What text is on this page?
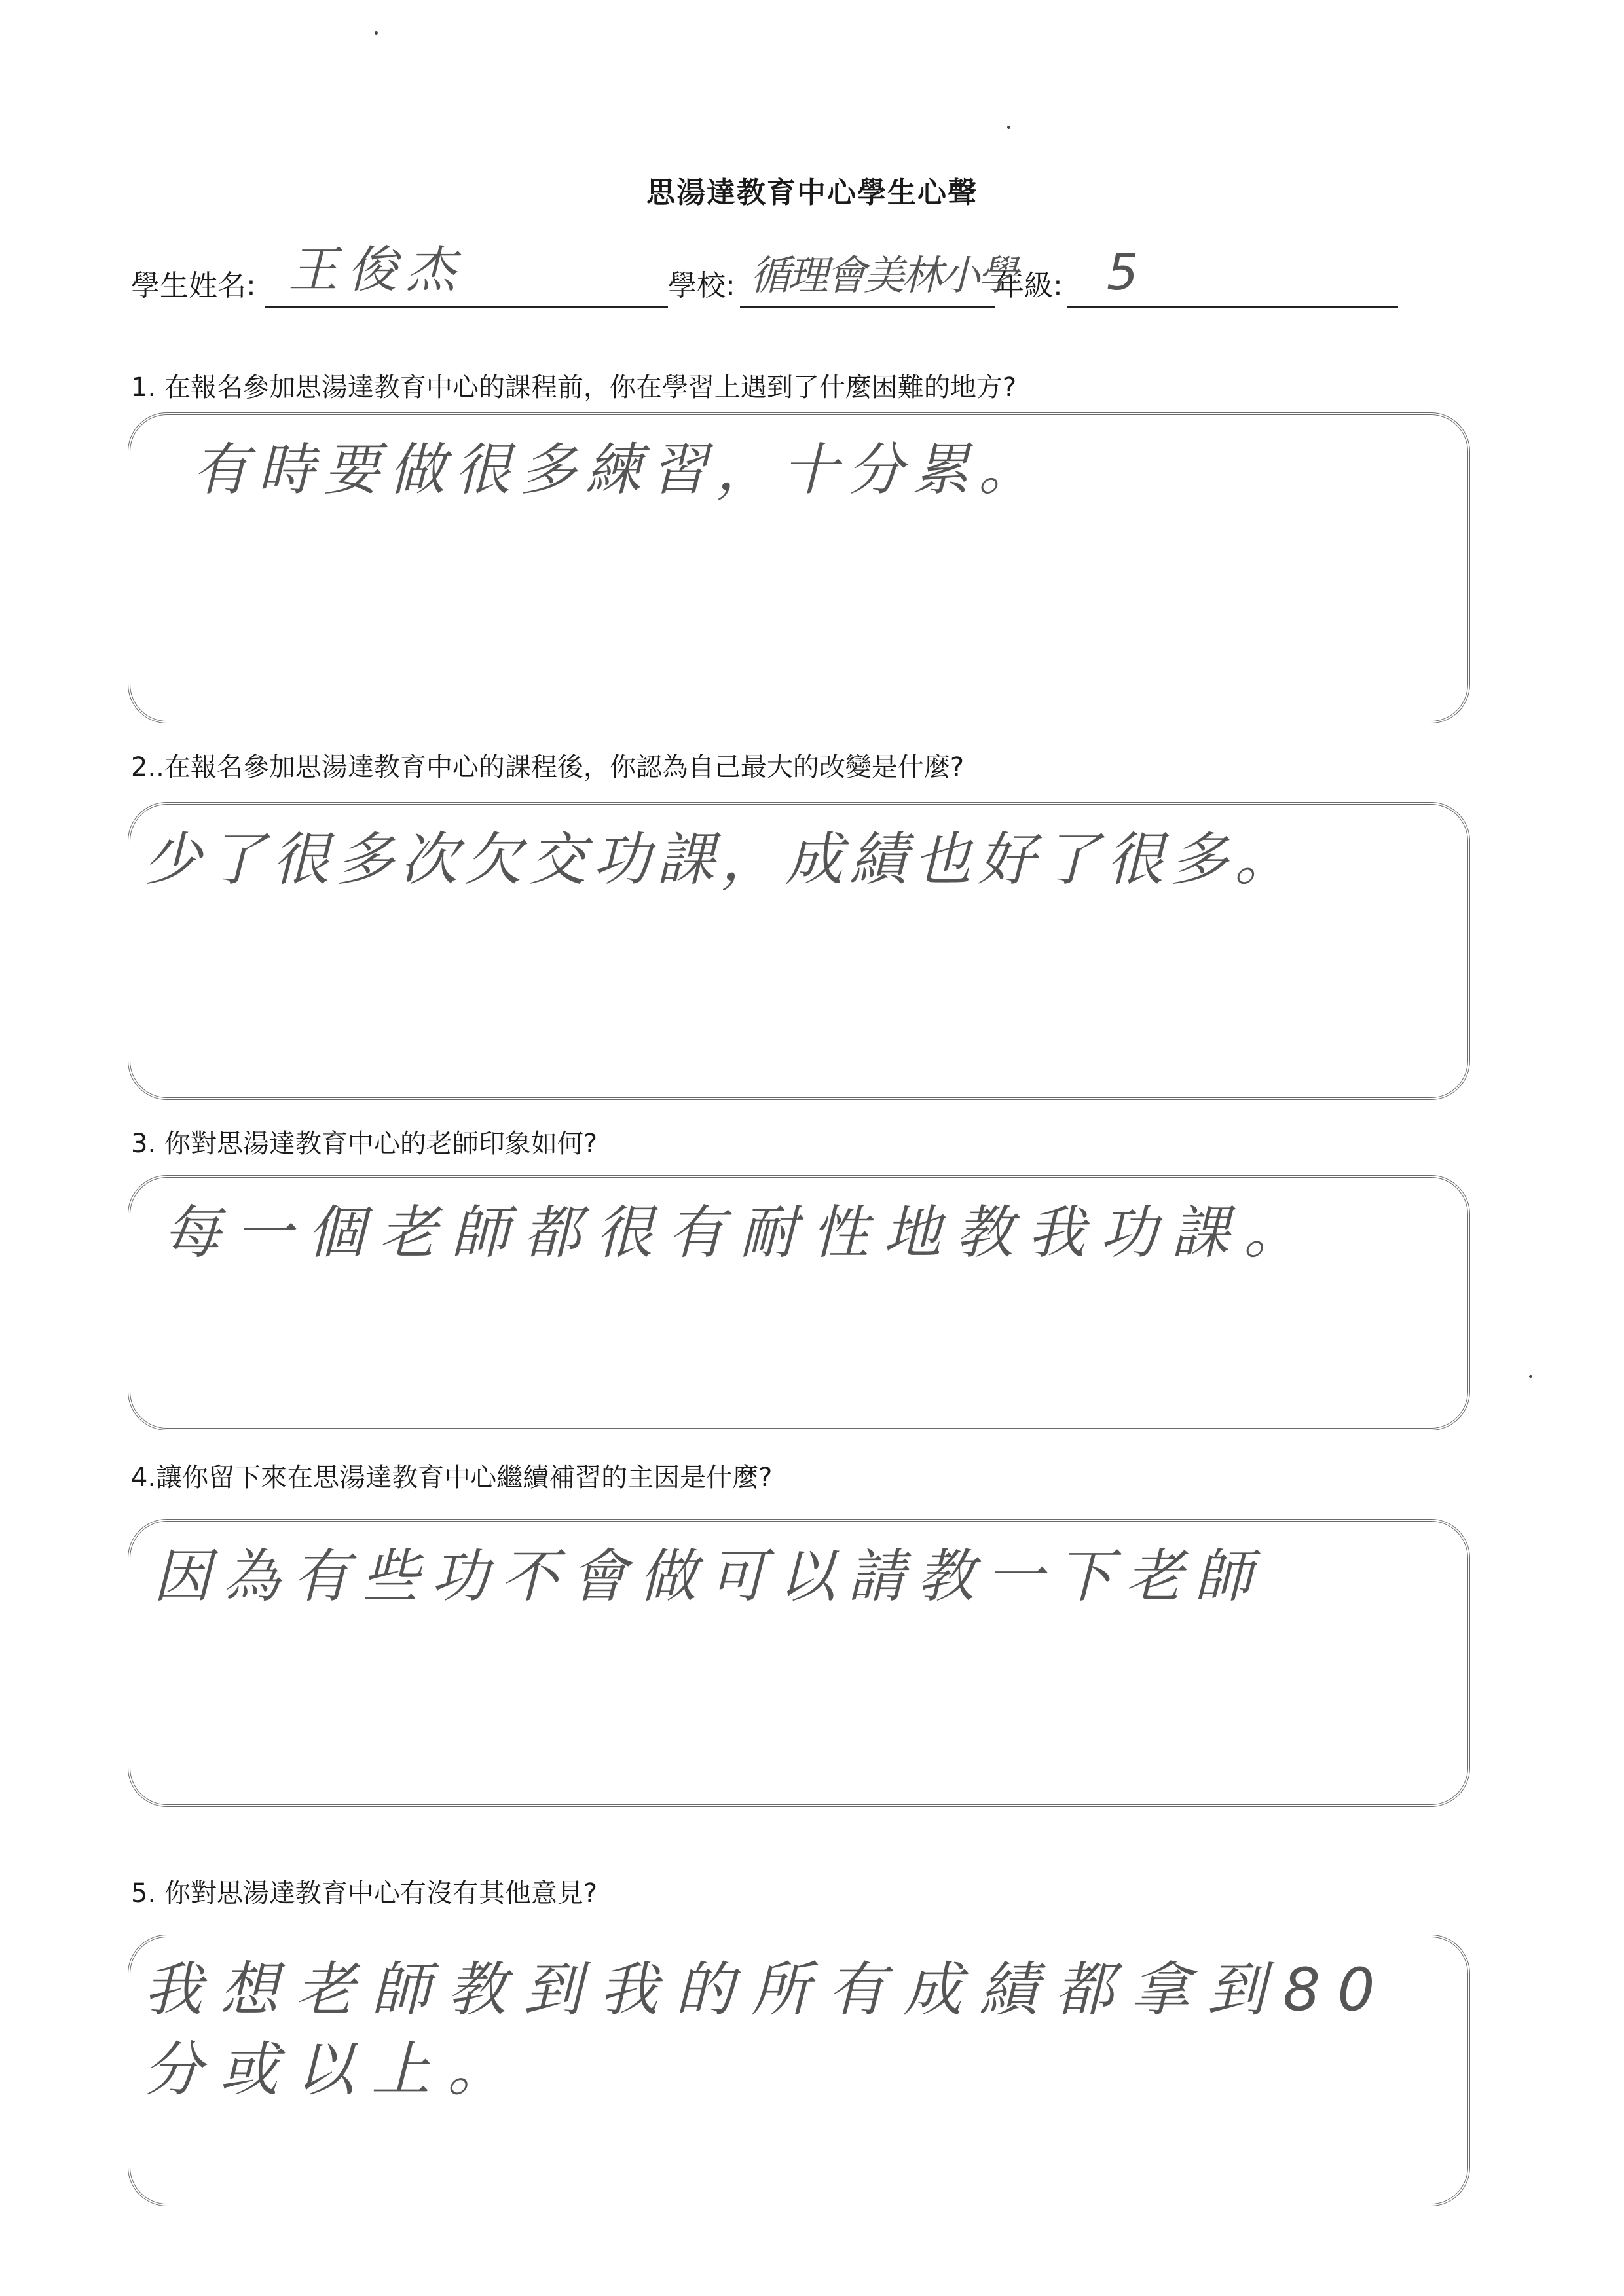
思湯達教育中心學生心聲
學生姓名: 王俊杰	學校: 循理會美林小學
年級: 5
1. 在報名參加思湯達教育中心的課程前，你在學習上遇到了什麼困難的地方?
有時要做很多練習，十分累。
2..在報名參加思湯達教育中心的課程後，你認為自己最大的改變是什麼?
少了很多次欠交功課，成績也好了很多。
3. 你對思湯達教育中心的老師印象如何?
每一個老師都很有耐性地教我功課。
4.讓你留下來在思湯達教育中心繼續補習的主因是什麼?
因為有些功不會做可以請教一下老師
5. 你對思湯達教育中心有沒有其他意見?
我想老師教到我的所有成績都拿到80分或以上。
